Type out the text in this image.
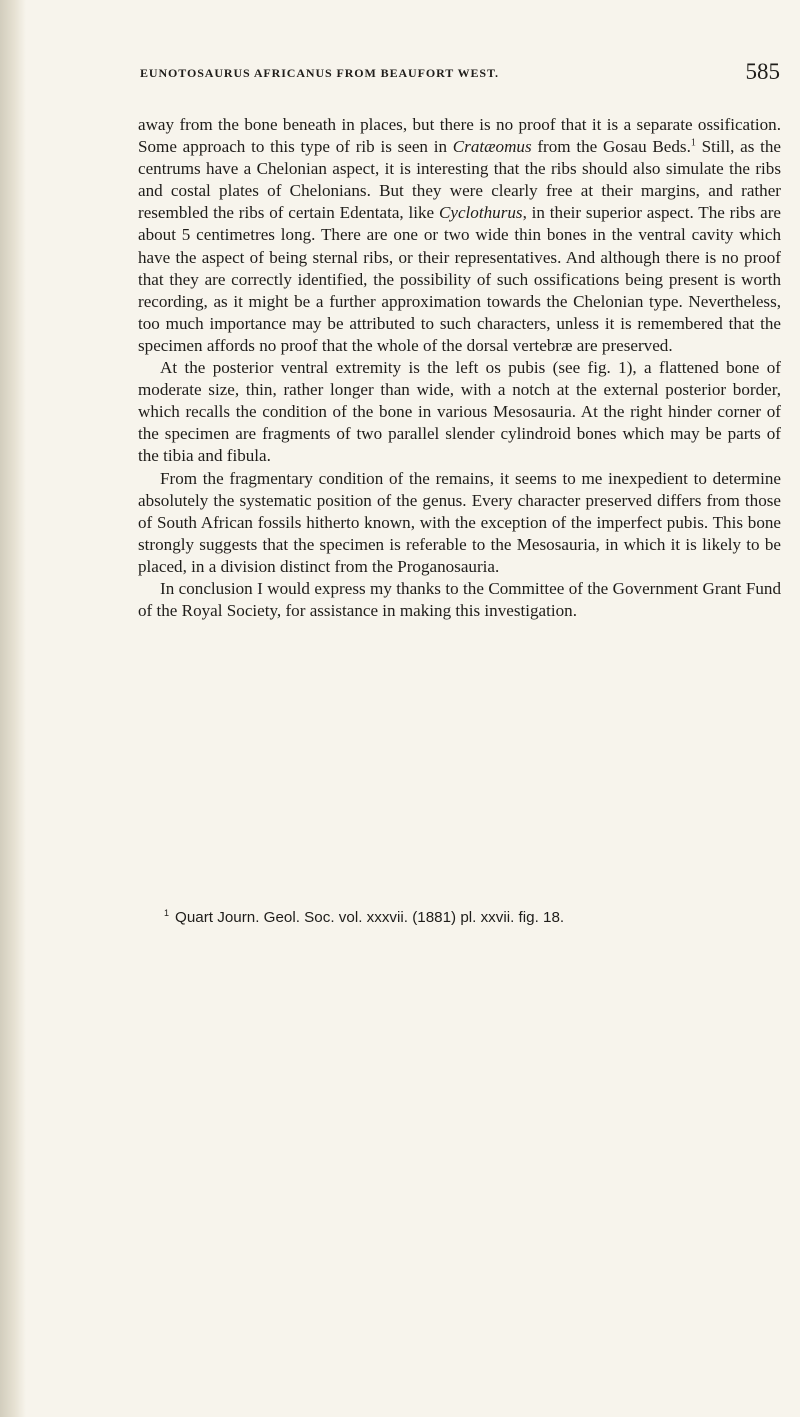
EUNOTOSAURUS AFRICANUS FROM BEAUFORT WEST.	585

away from the bone beneath in places, but there is no proof that it is a separate ossification. Some approach to this type of rib is seen in Cratæomus from the Gosau Beds.$^1$ Still, as the centrums have a Chelonian aspect, it is interesting that the ribs should also simulate the ribs and costal plates of Chelonians. But they were clearly free at their margins, and rather resembled the ribs of certain Edentata, like Cyclothurus, in their superior aspect. The ribs are about 5 centimetres long. There are one or two wide thin bones in the ventral cavity which have the aspect of being sternal ribs, or their representatives. And although there is no proof that they are correctly identified, the possibility of such ossifications being present is worth recording, as it might be a further approximation towards the Chelonian type. Nevertheless, too much importance may be attributed to such characters, unless it is remembered that the specimen affords no proof that the whole of the dorsal vertebræ are preserved.

At the posterior ventral extremity is the left os pubis (see fig. 1), a flattened bone of moderate size, thin, rather longer than wide, with a notch at the external posterior border, which recalls the condition of the bone in various Mesosauria. At the right hinder corner of the specimen are fragments of two parallel slender cylindroid bones which may be parts of the tibia and fibula.

From the fragmentary condition of the remains, it seems to me inexpedient to determine absolutely the systematic position of the genus. Every character preserved differs from those of South African fossils hitherto known, with the exception of the imperfect pubis. This bone strongly suggests that the specimen is referable to the Mesosauria, in which it is likely to be placed, in a division distinct from the Proganosauria.

In conclusion I would express my thanks to the Committee of the Government Grant Fund of the Royal Society, for assistance in making this investigation.

$^1$ Quart Journ. Geol. Soc. vol. xxxvii. (1881) pl. xxvii. fig. 18.
